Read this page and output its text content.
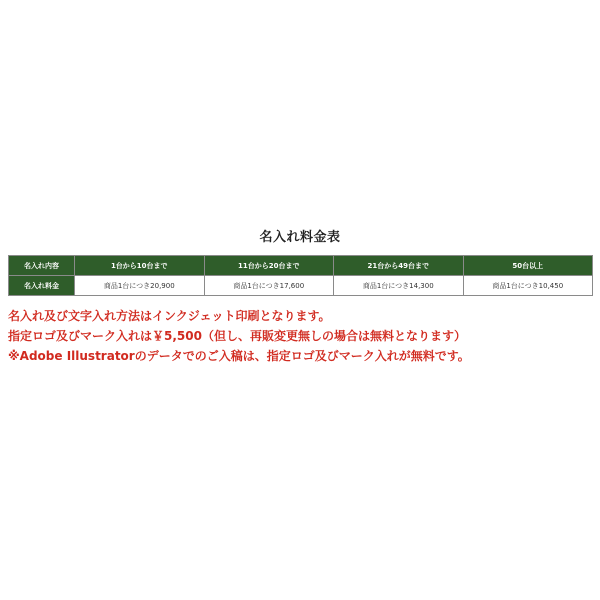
名入れ料金表
名入れ内容	1台から10台まで	11台から20台まで	21台から49台まで	50台以上
名入れ料金	商品1台につき20,900	商品1台につき17,600	商品1台につき14,300	商品1台につき10,450
名入れ及び文字入れ方法はインクジェット印刷となります。
指定ロゴ及びマーク入れは￥5,500（但し、再販変更無しの場合は無料となります）
※Adobe Illustratorのデータでのご入稿は、指定ロゴ及びマーク入れが無料です。
